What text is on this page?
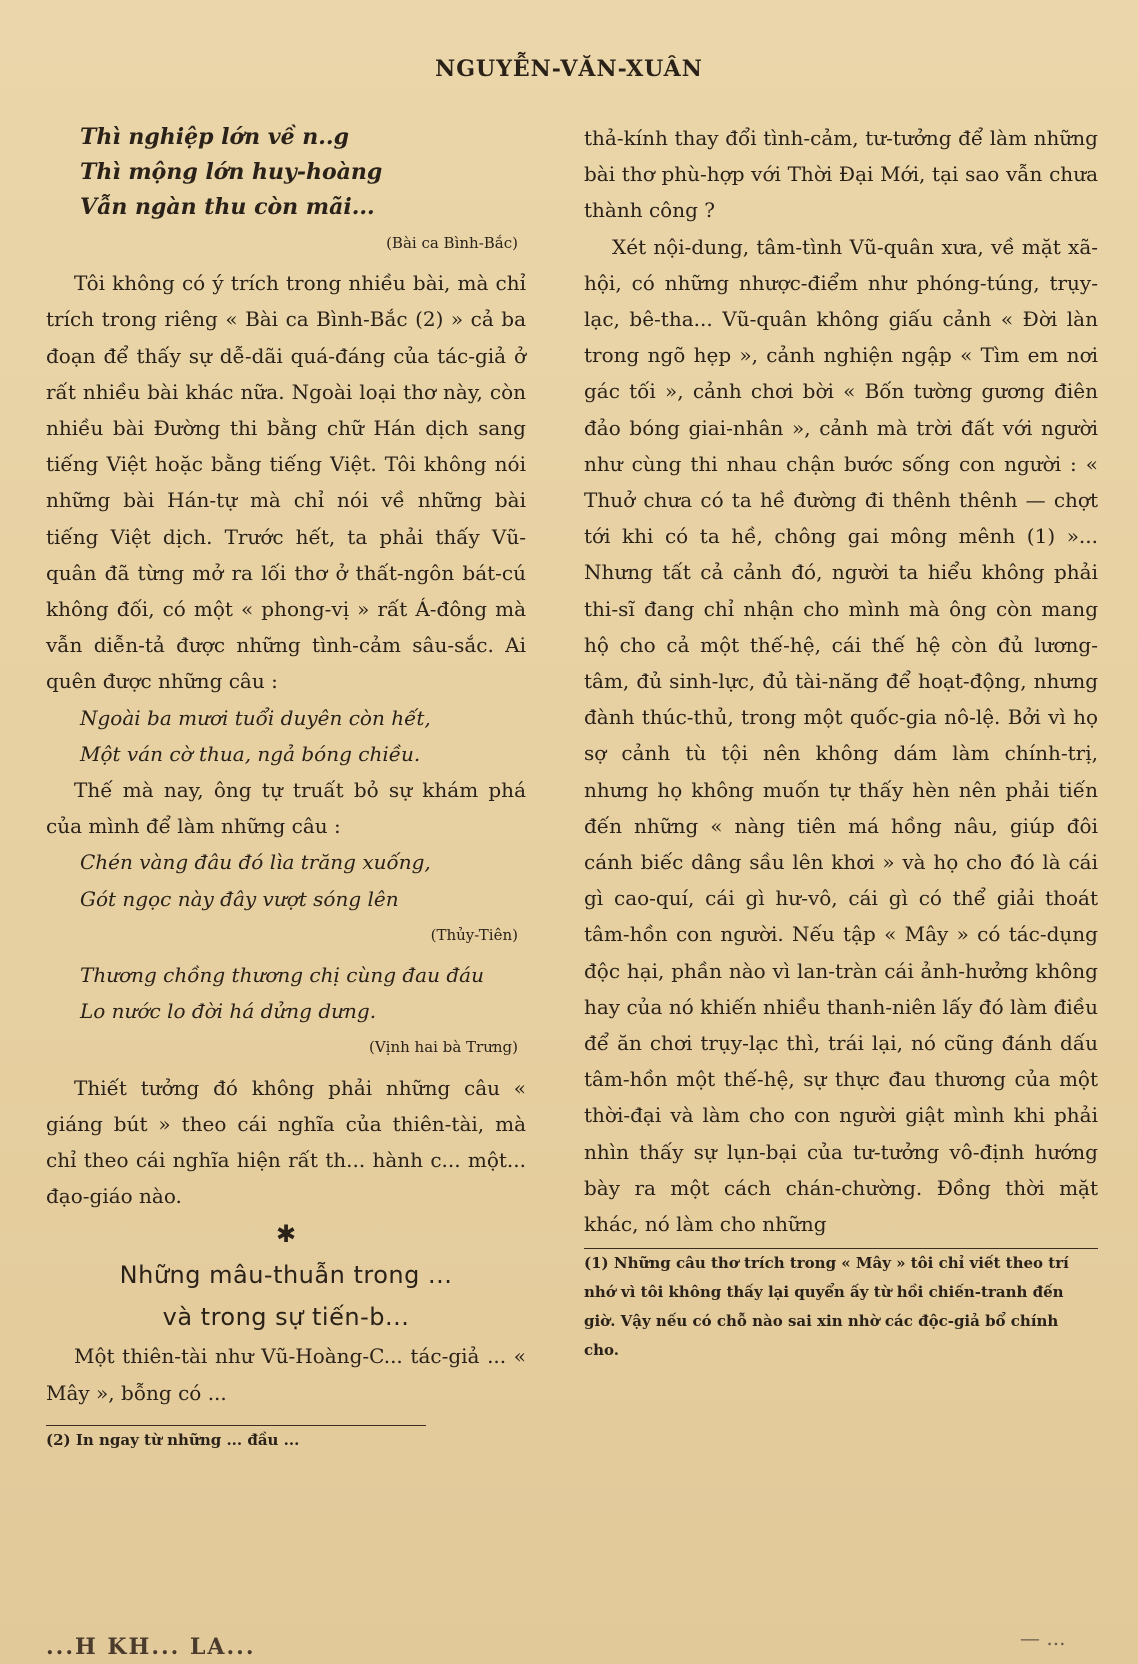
NGUYỄN-VĂN-XUÂN
Thì nghiệp lớn về n..g
Thì mộng lớn huy-hoàng
Vẫn ngàn thu còn mãi...
(Bài ca Bình-Bắc)

Tôi không có ý trích trong nhiều bài, mà chỉ trích trong riêng « Bài ca Bình-Bắc (2) » cả ba đoạn để thấy sự dễ-dãi quá-đáng của tác-giả ở rất nhiều bài khác nữa. Ngoài loại thơ này, còn nhiều bài Đường thi bằng chữ Hán dịch sang tiếng Việt hoặc bằng tiếng Việt. Tôi không nói những bài Hán-tự mà chỉ nói về những bài tiếng Việt dịch. Trước hết, ta phải thấy Vũ-quân đã từng mở ra lối thơ ở thất-ngôn bát-cú không đối, có một « phong-vị » rất Á-đông mà vẫn diễn-tả được những tình-cảm sâu-sắc. Ai quên được những câu :

Ngoài ba mươi tuổi duyên còn hết,
Một ván cờ thua, ngả bóng chiều.

Thế mà nay, ông tự truất bỏ sự khám phá của mình để làm những câu :

Chén vàng đâu đó lìa trăng xuống,
Gót ngọc này đây vượt sóng lên
(Thủy-Tiên)
Thương chồng thương chị cùng đau đáu
Lo nước lo đời há dửng dưng.
(Vịnh hai bà Trưng)

Thiết tưởng đó không phải những câu « giáng bút » theo cái nghĩa của thiên-tài, mà chỉ theo cái nghĩa hiện rất th... hành c... một... đạo-giáo nào.

✱
Những mâu-thuẫn trong ...
và trong sự tiến-b...

Một thiên-tài như Vũ-Hoàng-C... tác-giả ... « Mây », bỗng có ...

(2) In ngay từ những ... đầu ...

thả-kính thay đổi tình-cảm, tư-tưởng để làm những bài thơ phù-hợp với Thời Đại Mới, tại sao vẫn chưa thành công ?

Xét nội-dung, tâm-tình Vũ-quân xưa, về mặt xã-hội, có những nhược-điểm như phóng-túng, trụy-lạc, bê-tha... Vũ-quân không giấu cảnh « Đời làn trong ngõ hẹp », cảnh nghiện ngập « Tìm em nơi gác tối », cảnh chơi bời « Bốn tường gương điên đảo bóng giai-nhân », cảnh mà trời đất với người như cùng thi nhau chận bước sống con người : « Thuở chưa có ta hề đường đi thênh thênh — chợt tới khi có ta hề, chông gai mông mênh (1) »... Nhưng tất cả cảnh đó, người ta hiểu không phải thi-sĩ đang chỉ nhận cho mình mà ông còn mang hộ cho cả một thế-hệ, cái thế hệ còn đủ lương-tâm, đủ sinh-lực, đủ tài-năng để hoạt-động, nhưng đành thúc-thủ, trong một quốc-gia nô-lệ. Bởi vì họ sợ cảnh tù tội nên không dám làm chính-trị, nhưng họ không muốn tự thấy hèn nên phải tiến đến những « nàng tiên má hồng nâu, giúp đôi cánh biếc dâng sầu lên khơi » và họ cho đó là cái gì cao-quí, cái gì hư-vô, cái gì có thể giải thoát tâm-hồn con người. Nếu tập « Mây » có tác-dụng độc hại, phần nào vì lan-tràn cái ảnh-hưởng không hay của nó khiến nhiều thanh-niên lấy đó làm điều để ăn chơi trụy-lạc thì, trái lại, nó cũng đánh dấu tâm-hồn một thế-hệ, sự thực đau thương của một thời-đại và làm cho con người giật mình khi phải nhìn thấy sự lụn-bại của tư-tưởng vô-định hướng bày ra một cách chán-chường. Đồng thời mặt khác, nó làm cho những

(1) Những câu thơ trích trong « Mây » tôi chỉ viết theo trí nhớ vì tôi không thấy lại quyển ấy từ hồi chiến-tranh đến giờ. Vậy nếu có chỗ nào sai xin nhờ các độc-giả bổ chính cho.
...H KH... LA...	— ...
